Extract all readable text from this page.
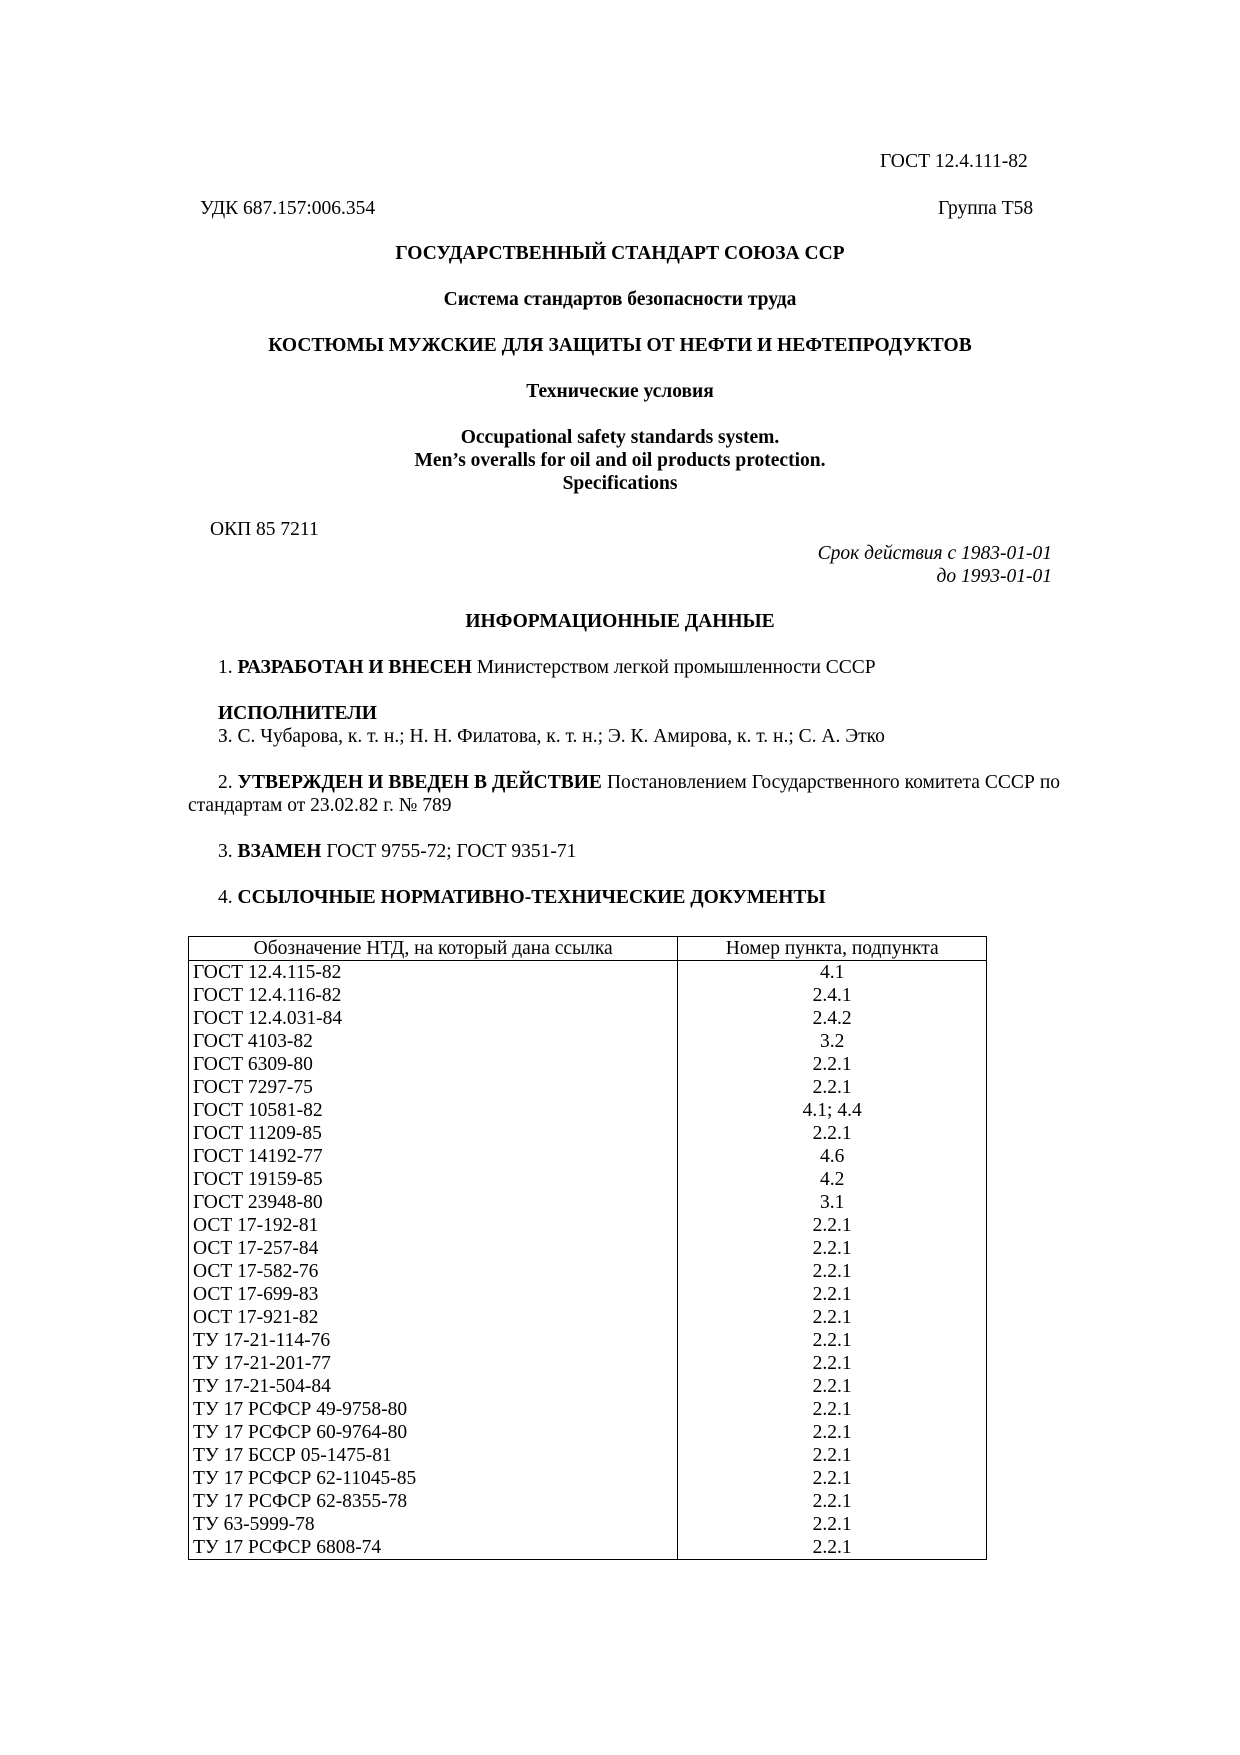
ГОСТ 12.4.111-82
УДК 687.157:006.354	Группа Т58
ГОСУДАРСТВЕННЫЙ СТАНДАРТ СОЮЗА ССР
Система стандартов безопасности труда
КОСТЮМЫ МУЖСКИЕ ДЛЯ ЗАЩИТЫ ОТ НЕФТИ И НЕФТЕПРОДУКТОВ
Технические условия
Occupational safety standards system.
Men’s overalls for oil and oil products protection.
Specifications
ОКП 85 7211
Срок действия с 1983-01-01
до 1993-01-01
ИНФОРМАЦИОННЫЕ ДАННЫЕ
1. РАЗРАБОТАН И ВНЕСЕН Министерством легкой промышленности СССР
ИСПОЛНИТЕЛИ
З. С. Чубарова, к. т. н.; Н. Н. Филатова, к. т. н.; Э. К. Амирова, к. т. н.; С. А. Этко
2. УТВЕРЖДЕН И ВВЕДЕН В ДЕЙСТВИЕ Постановлением Государственного комитета СССР по стандартам от 23.02.82 г. № 789
3. ВЗАМЕН ГОСТ 9755-72; ГОСТ 9351-71
4. ССЫЛОЧНЫЕ НОРМАТИВНО-ТЕХНИЧЕСКИЕ ДОКУМЕНТЫ
Обозначение НТД, на который дана ссылка	Номер пункта, подпункта
ГОСТ 12.4.115-82	4.1
ГОСТ 12.4.116-82	2.4.1
ГОСТ 12.4.031-84	2.4.2
ГОСТ 4103-82	3.2
ГОСТ 6309-80	2.2.1
ГОСТ 7297-75	2.2.1
ГОСТ 10581-82	4.1; 4.4
ГОСТ 11209-85	2.2.1
ГОСТ 14192-77	4.6
ГОСТ 19159-85	4.2
ГОСТ 23948-80	3.1
ОСТ 17-192-81	2.2.1
ОСТ 17-257-84	2.2.1
ОСТ 17-582-76	2.2.1
ОСТ 17-699-83	2.2.1
ОСТ 17-921-82	2.2.1
ТУ 17-21-114-76	2.2.1
ТУ 17-21-201-77	2.2.1
ТУ 17-21-504-84	2.2.1
ТУ 17 РСФСР 49-9758-80	2.2.1
ТУ 17 РСФСР 60-9764-80	2.2.1
ТУ 17 БССР 05-1475-81	2.2.1
ТУ 17 РСФСР 62-11045-85	2.2.1
ТУ 17 РСФСР 62-8355-78	2.2.1
ТУ 63-5999-78	2.2.1
ТУ 17 РСФСР 6808-74	2.2.1
